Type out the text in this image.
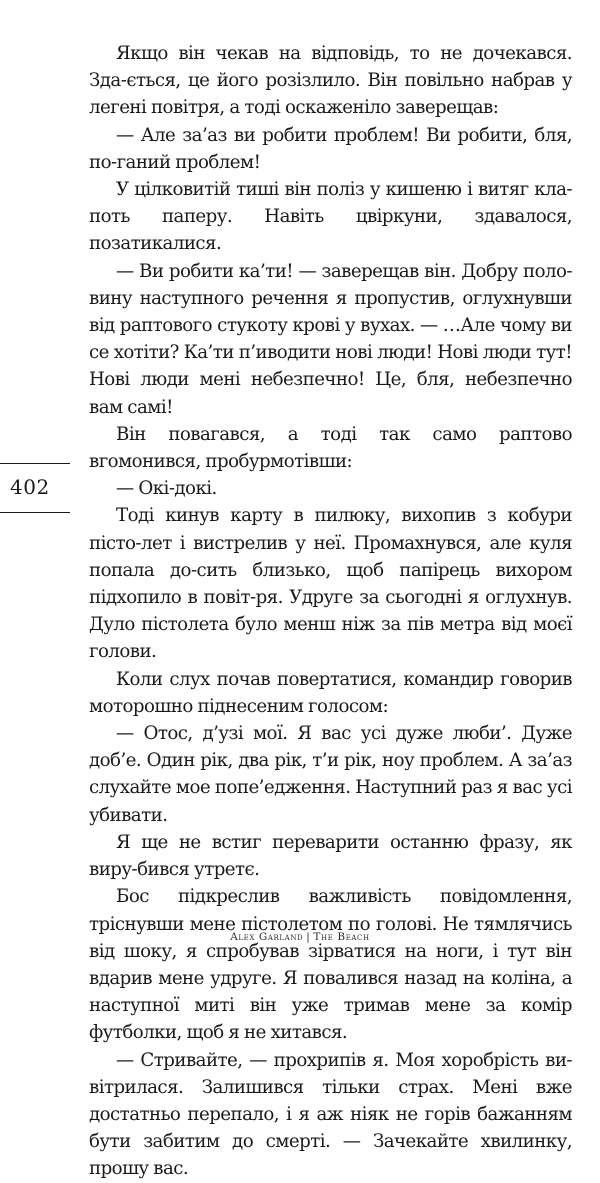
Якщо він чекав на відповідь, то не дочекався. Зда-ється, це його розізлило. Він повільно набрав у легені повітря, а тоді оскаженіло заверещав:

— Але за’аз ви робити проблем! Ви робити, бля, по-ганий проблем!

У цілковитій тиші він поліз у кишеню і витяг кла-поть паперу. Навіть цвіркуни, здавалося, позатикалися.

— Ви робити ка’ти! — заверещав він. Добру поло-вину наступного речення я пропустив, оглухнувши від раптового стукоту крові у вухах. — …Але чому ви се хотіти? Ка’ти п’иводити нові люди! Нові люди тут! Нові люди мені небезпечно! Це, бля, небезпечно вам самі!

Він повагався, а тоді так само раптово вгомонився, пробурмотівши:

— Окі-докі.

Тоді кинув карту в пилюку, вихопив з кобури пісто-лет і вистрелив у неї. Промахнувся, але куля попала до-сить близько, щоб папірець вихором підхопило в повіт-ря. Удруге за сьогодні я оглухнув. Дуло пістолета було менш ніж за пів метра від моєї голови.

Коли слух почав повертатися, командир говорив моторошно піднесеним голосом:

— Отос, д’узі мої. Я вас усі дуже люби’. Дуже доб’е. Один рік, два рік, т’и рік, ноу проблем. А за’аз слухайте мое попе’едження. Наступний раз я вас усі убивати.

Я ще не встиг переварити останню фразу, як виру-бився утретє.

Бос підкреслив важливість повідомлення, тріснувши мене пістолетом по голові. Не тямлячись від шоку, я спробував зірватися на ноги, і тут він вдарив мене удруге. Я повалився назад на коліна, а наступної миті він уже тримав мене за комір футболки, щоб я не хитався.

— Стривайте, — прохрипів я. Моя хоробрість ви-вітрилася. Залишився тільки страх. Мені вже достатньо перепало, і я аж ніяк не горів бажанням бути забитим до смерті. — Зачекайте хвилинку, прошу вас.

402
Alex Garland | The Beach
